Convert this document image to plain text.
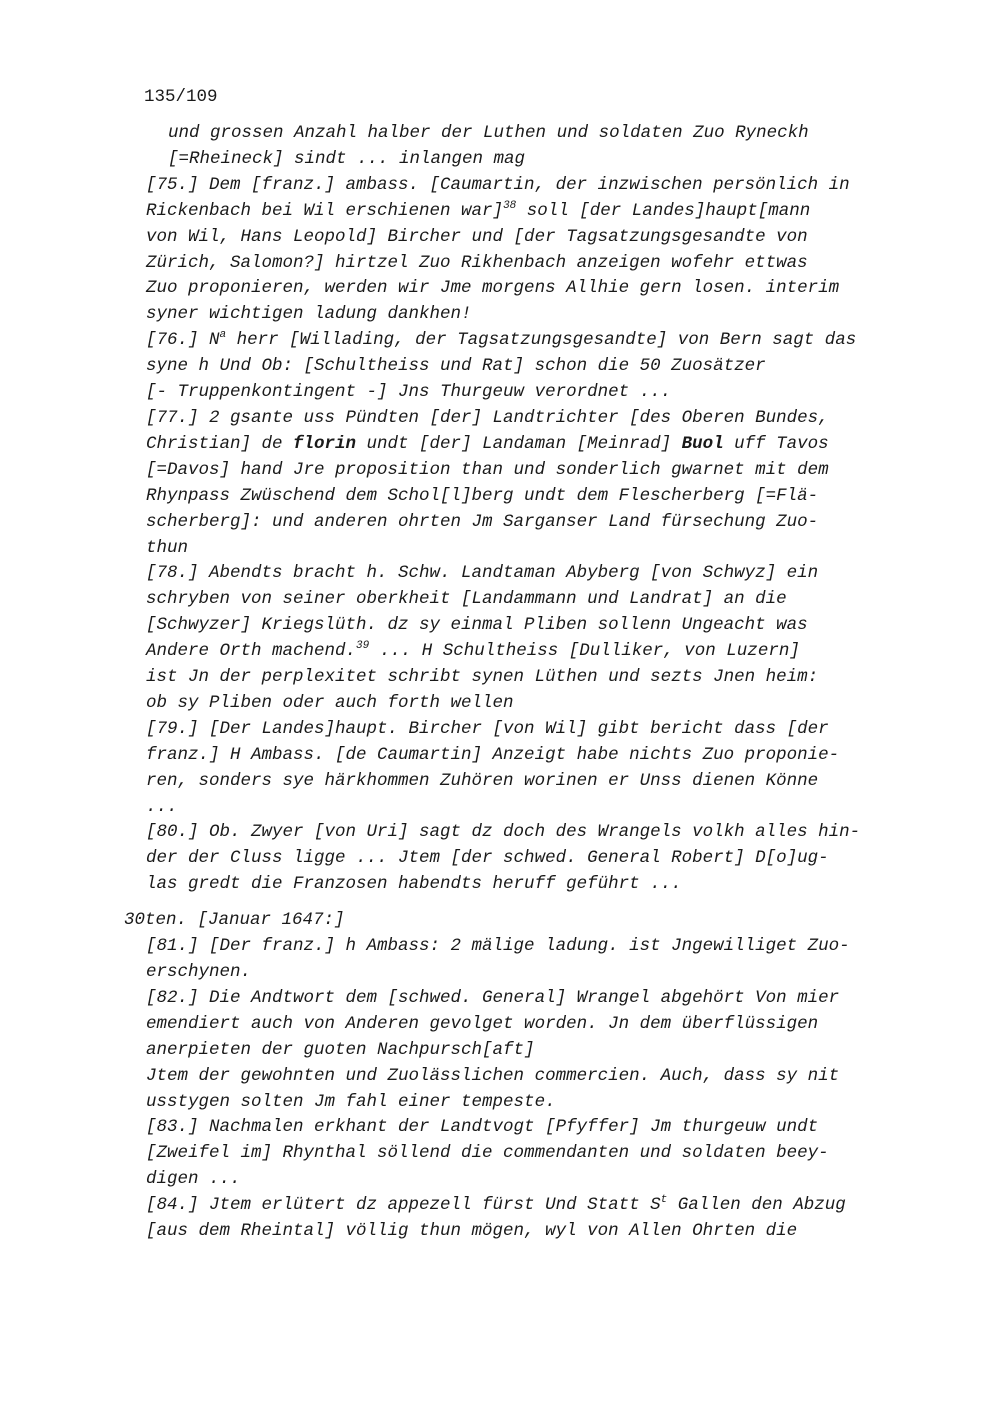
135/109
und grossen Anzahl halber der Luthen und soldaten Zuo Ryneckh
[=Rheineck] sindt ... inlangen mag
[75.] Dem [franz.] ambass. [Caumartin, der inzwischen persönlich in
Rickenbach bei Wil erschienen war]$^{38}$ soll [der Landes]haupt[mann
von Wil, Hans Leopold] Bircher und [der Tagsatzungsgesandte von
Zürich, Salomon?] hirtzel Zuo Rikhenbach anzeigen wofehr ettwas
Zuo proponieren, werden wir Jme morgens Allhie gern losen. interim
syner wichtigen ladung dankhen!
[76.] $N^a$ herr [Willading, der Tagsatzungsgesandte] von Bern sagt das
syne h Und Ob: [Schultheiss und Rat] schon die 50 Zuosätzer
[- Truppenkontingent -] Jns Thurgeuw verordnet ...
[77.] 2 gsante uss Pündten [der] Landtrichter [des Oberen Bundes,
Christian] de florin undt [der] Landaman [Meinrad] Buol uff Tavos
[=Davos] hand Jre proposition than und sonderlich gwarnet mit dem
Rhynpass Zwüschend dem Schol[l]berg undt dem Flescherberg [=Flä-
scherberg]: und anderen ohrten Jm Sarganser Land fürsechung Zuo-
thun
[78.] Abendts bracht h. Schw. Landtaman Abyberg [von Schwyz] ein
schryben von seiner oberkheit [Landammann und Landrat] an die
[Schwyzer] Kriegslüth. dz sy einmal Pliben sollenn Ungeacht was
Andere Orth machend.$^{39}$ ... H Schultheiss [Dulliker, von Luzern]
ist Jn der perplexitet schribt synen Lüthen und sezts Jnen heim:
ob sy Pliben oder auch forth wellen
[79.] [Der Landes]haupt. Bircher [von Wil] gibt bericht dass [der
franz.] H Ambass. [de Caumartin] Anzeigt habe nichts Zuo proponie-
ren, sonders sye härkhommen Zuhören worinen er Unss dienen Könne
...
[80.] Ob. Zwyer [von Uri] sagt dz doch des Wrangels volkh alles hin-
der der Cluss ligge ... Jtem [der schwed. General Robert] D[o]ug-
las gredt die Franzosen habendts heruff geführt ...
30ten. [Januar 1647:]
[81.] [Der franz.] h Ambass: 2 mälige ladung. ist Jngewilliget Zuo-
erschynen.
[82.] Die Andtwort dem [schwed. General] Wrangel abgehört Von mier
emendiert auch von Anderen gevolget worden. Jn dem überflüssigen
anerpieten der guoten Nachpursch[aft]
Jtem der gewohnten und Zuolässlichen commercien. Auch, dass sy nit
usstygen solten Jm fahl einer tempeste.
[83.] Nachmalen erkhant der Landtvogt [Pfyffer] Jm thurgeuw undt
[Zweifel im] Rhynthal söllend die commendanten und soldaten beey-
digen ...
[84.] Jtem erlütert dz appezell fürst Und Statt $S^t$ Gallen den Abzug
[aus dem Rheintal] völlig thun mögen, wyl von Allen Ohrten die
